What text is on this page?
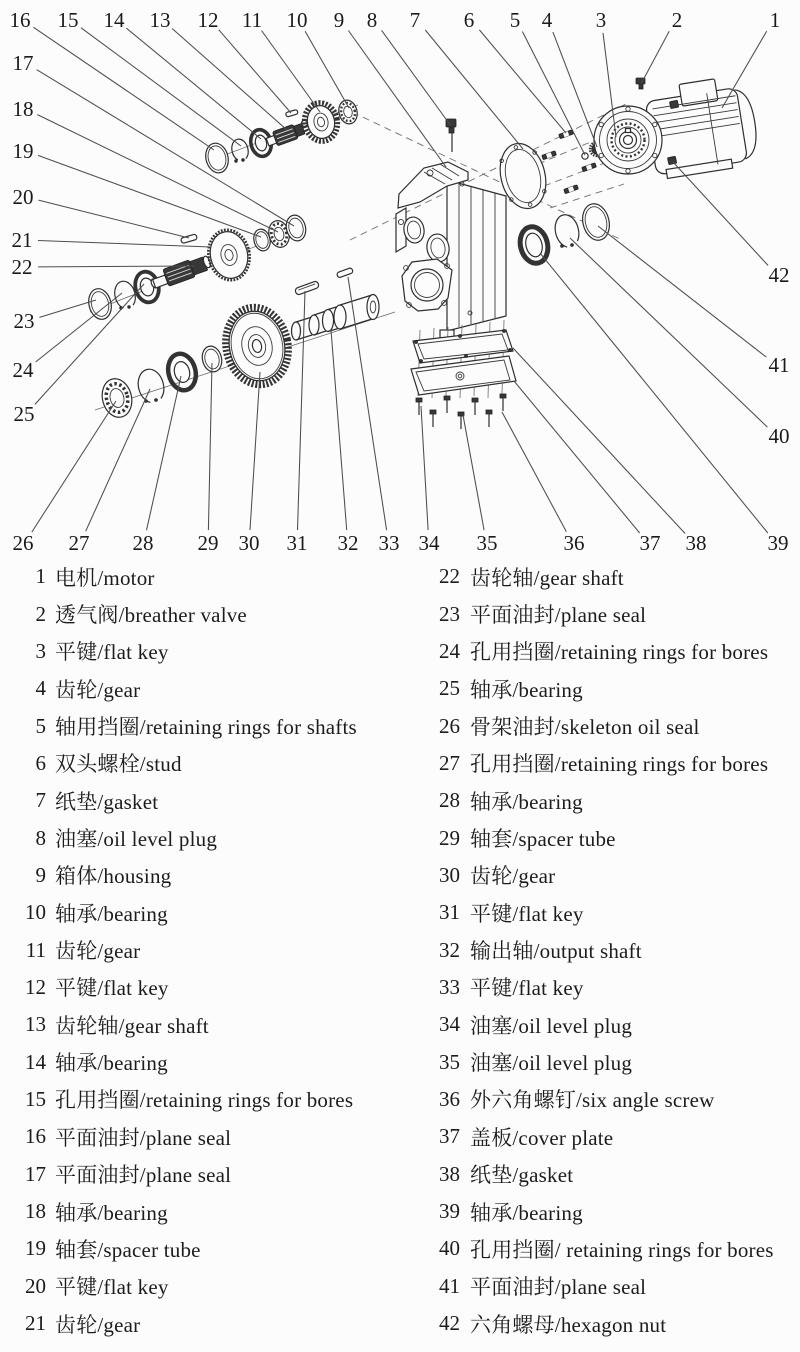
1
2
3
4
5
6
7
8
9
10
11
12
13
14
15
16
17
18
19
20
21
22
23
24
25
26 27 28 29 30 31 32 33 34 35	36	37 38	39
40
41
42
1 电机/motor
2 透气阀/breather valve
3 平键/flat key
4 齿轮/gear
5 轴用挡圈/retaining rings for shafts
6 双头螺栓/stud
7 纸垫/gasket
8 油塞/oil level plug
9 箱体/housing
10 轴承/bearing
11 齿轮/gear
12 平键/flat key
13 齿轮轴/gear shaft
14 轴承/bearing
15 孔用挡圈/retaining rings for bores
16 平面油封/plane seal
17 平面油封/plane seal
18 轴承/bearing
19 轴套/spacer tube
20 平键/flat key
21 齿轮/gear
22 齿轮轴/gear shaft
23 平面油封/plane seal
24 孔用挡圈/retaining rings for bores
25 轴承/bearing
26 骨架油封/skeleton oil seal
27 孔用挡圈/retaining rings for bores
28 轴承/bearing
29 轴套/spacer tube
30 齿轮/gear
31 平键/flat key
32 输出轴/output shaft
33 平键/flat key
34 油塞/oil level plug
35 油塞/oil level plug
36 外六角螺钉/six angle screw
37 盖板/cover plate
38 纸垫/gasket
39 轴承/bearing
40 孔用挡圈/ retaining rings for bores
41 平面油封/plane seal
42 六角螺母/hexagon nut
